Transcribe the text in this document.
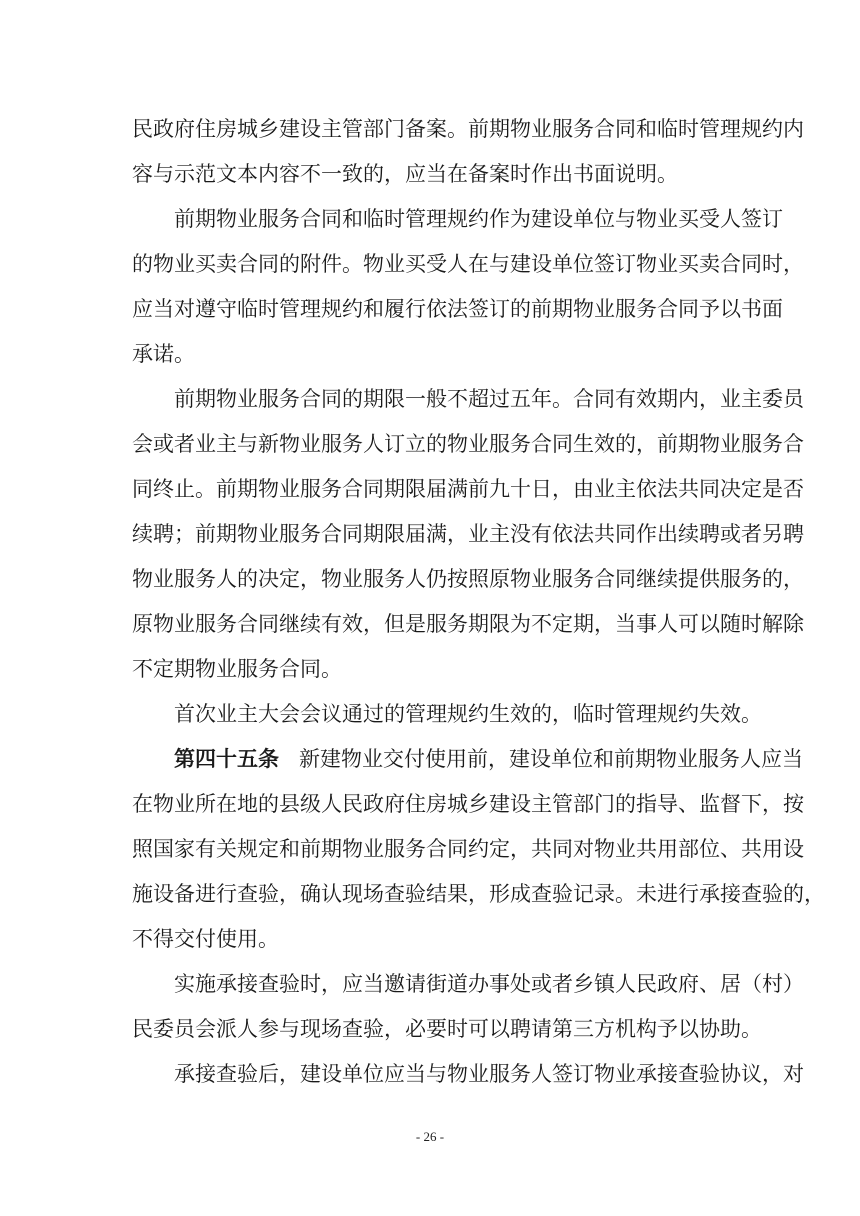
民政府住房城乡建设主管部门备案。前期物业服务合同和临时管理规约内
容与示范文本内容不一致的，应当在备案时作出书面说明。
前期物业服务合同和临时管理规约作为建设单位与物业买受人签订
的物业买卖合同的附件。物业买受人在与建设单位签订物业买卖合同时，
应当对遵守临时管理规约和履行依法签订的前期物业服务合同予以书面
承诺。
前期物业服务合同的期限一般不超过五年。合同有效期内，业主委员
会或者业主与新物业服务人订立的物业服务合同生效的，前期物业服务合
同终止。前期物业服务合同期限届满前九十日，由业主依法共同决定是否
续聘；前期物业服务合同期限届满，业主没有依法共同作出续聘或者另聘
物业服务人的决定，物业服务人仍按照原物业服务合同继续提供服务的，
原物业服务合同继续有效，但是服务期限为不定期，当事人可以随时解除
不定期物业服务合同。
首次业主大会会议通过的管理规约生效的，临时管理规约失效。
第四十五条 新建物业交付使用前，建设单位和前期物业服务人应当
在物业所在地的县级人民政府住房城乡建设主管部门的指导、监督下，按
照国家有关规定和前期物业服务合同约定，共同对物业共用部位、共用设
施设备进行查验，确认现场查验结果，形成查验记录。未进行承接查验的，
不得交付使用。
实施承接查验时，应当邀请街道办事处或者乡镇人民政府、居（村）
民委员会派人参与现场查验，必要时可以聘请第三方机构予以协助。
承接查验后，建设单位应当与物业服务人签订物业承接查验协议，对
- 26 -
